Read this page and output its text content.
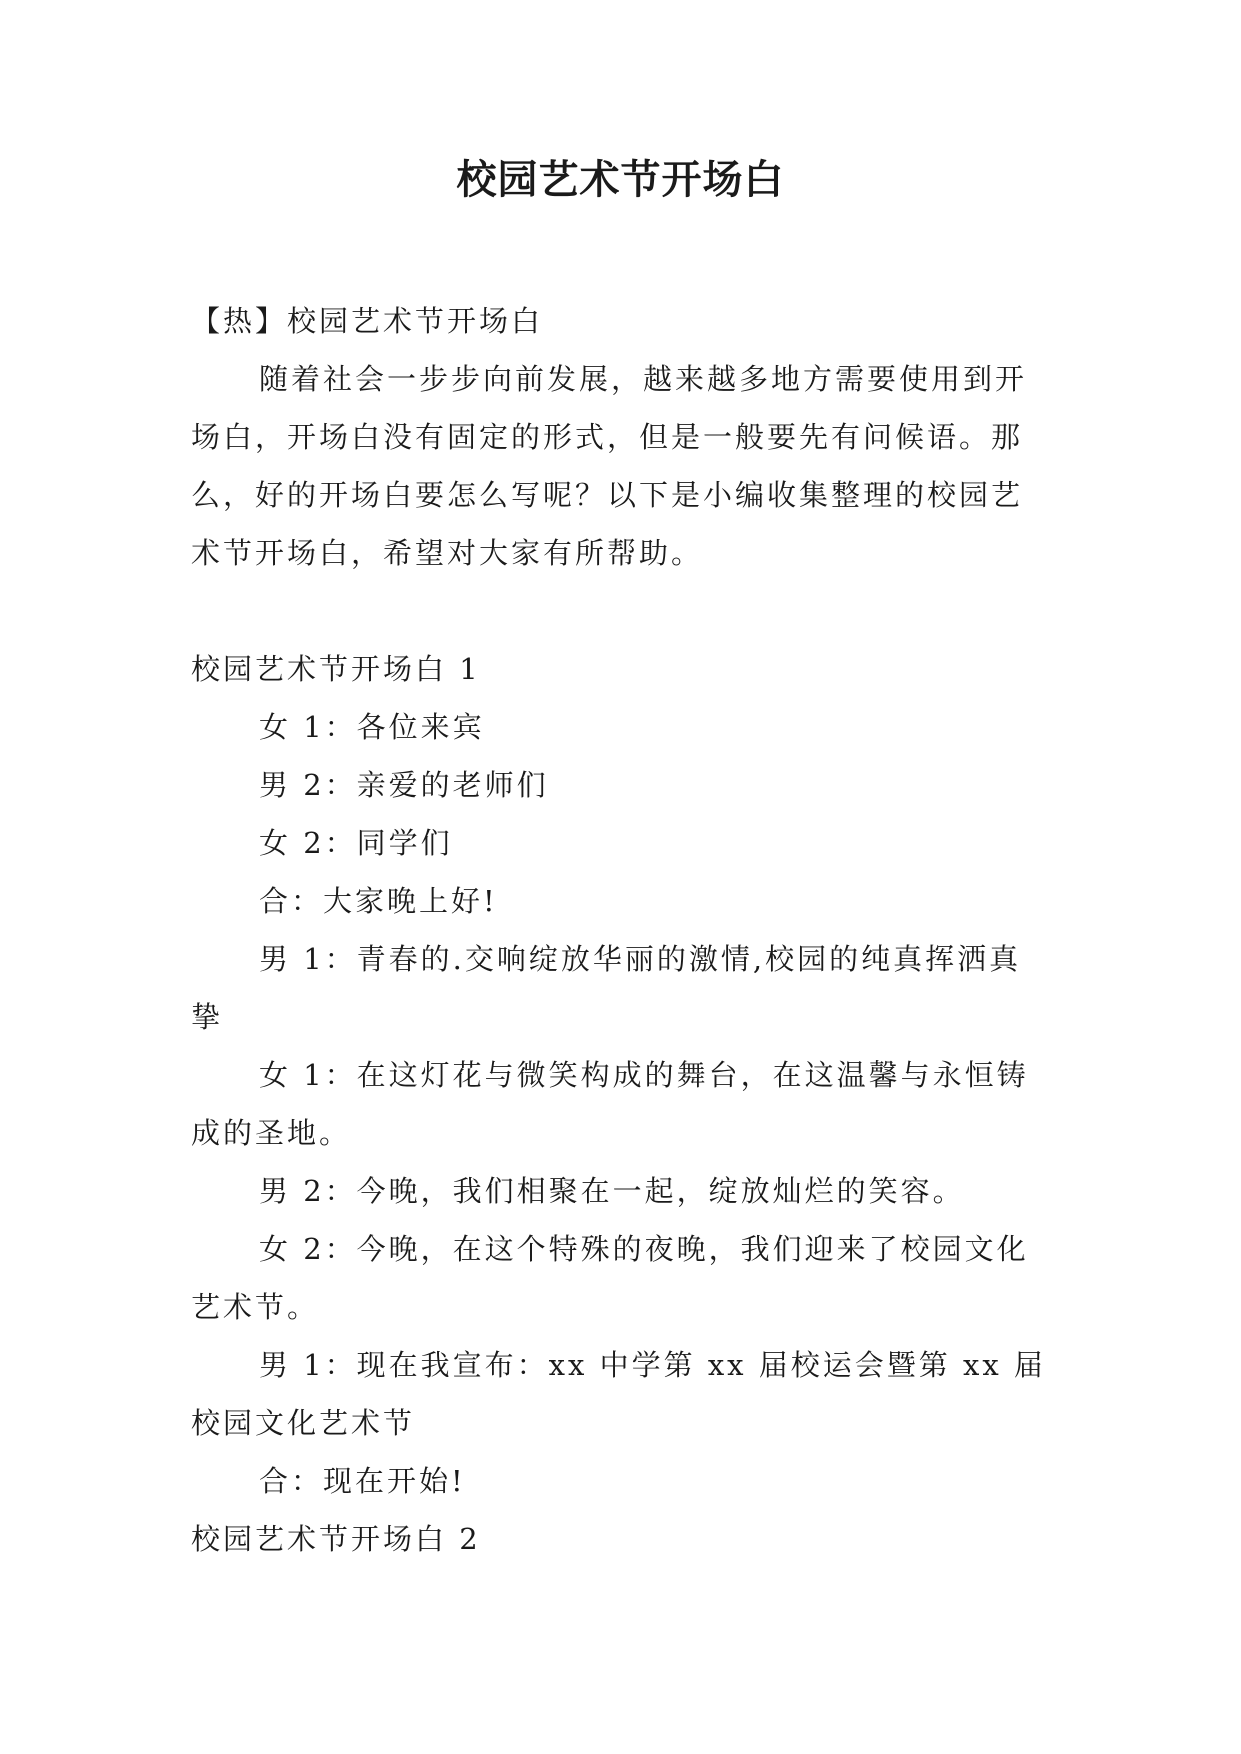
校园艺术节开场白

【热】校园艺术节开场白

随着社会一步步向前发展，越来越多地方需要使用到开场白，开场白没有固定的形式，但是一般要先有问候语。那么，好的开场白要怎么写呢？以下是小编收集整理的校园艺术节开场白，希望对大家有所帮助。

校园艺术节开场白 1

女 1：各位来宾

男 2：亲爱的老师们

女 2：同学们

合：大家晚上好!

男 1：青春的.交响绽放华丽的激情,校园的纯真挥洒真挚

女 1：在这灯花与微笑构成的舞台，在这温馨与永恒铸成的圣地。

男 2：今晚，我们相聚在一起，绽放灿烂的笑容。

女 2：今晚，在这个特殊的夜晚，我们迎来了校园文化艺术节。

男 1：现在我宣布：xx 中学第 xx 届校运会暨第 xx 届校园文化艺术节

合：现在开始!

校园艺术节开场白 2
